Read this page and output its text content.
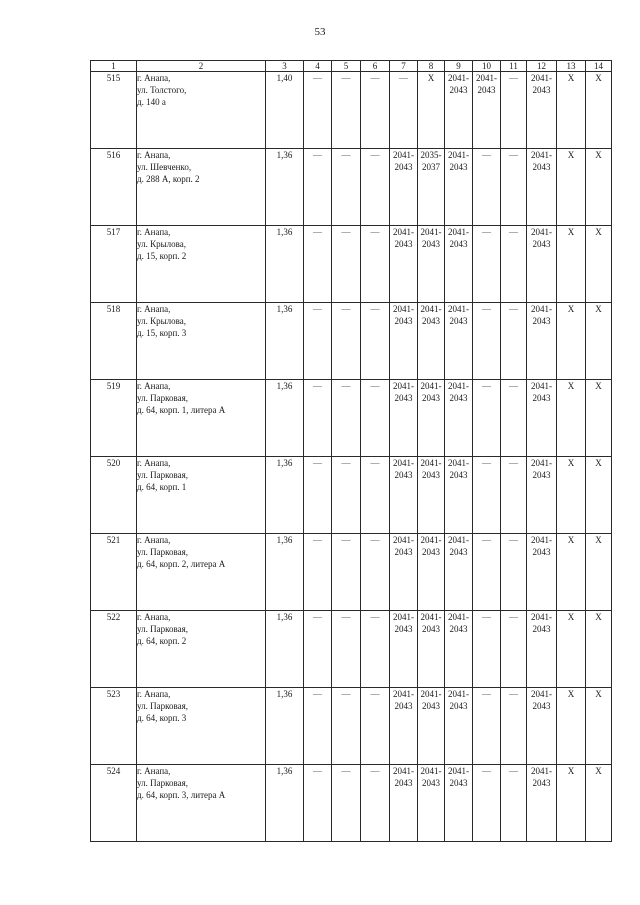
53
1	2	3	4	5	6	7	8	9	10	11	12	13	14
515	г. Анапа,
ул. Толстого,
д. 140 а	1,40	—	—	—	—	X	2041-
2043	2041-
2043	—	2041-
2043	X	X
516	г. Анапа,
ул. Шевченко,
д. 288 А, корп. 2	1,36	—	—	—	2041-
2043	2035-
2037	2041-
2043	—	—	2041-
2043	X	X
517	г. Анапа,
ул. Крылова,
д. 15, корп. 2	1,36	—	—	—	2041-
2043	2041-
2043	2041-
2043	—	—	2041-
2043	X	X
518	г. Анапа,
ул. Крылова,
д. 15, корп. 3	1,36	—	—	—	2041-
2043	2041-
2043	2041-
2043	—	—	2041-
2043	X	X
519	г. Анапа,
ул. Парковая,
д. 64, корп. 1, литера А	1,36	—	—	—	2041-
2043	2041-
2043	2041-
2043	—	—	2041-
2043	X	X
520	г. Анапа,
ул. Парковая,
д. 64, корп. 1	1,36	—	—	—	2041-
2043	2041-
2043	2041-
2043	—	—	2041-
2043	X	X
521	г. Анапа,
ул. Парковая,
д. 64, корп. 2, литера А	1,36	—	—	—	2041-
2043	2041-
2043	2041-
2043	—	—	2041-
2043	X	X
522	г. Анапа,
ул. Парковая,
д. 64, корп. 2	1,36	—	—	—	2041-
2043	2041-
2043	2041-
2043	—	—	2041-
2043	X	X
523	г. Анапа,
ул. Парковая,
д. 64, корп. 3	1,36	—	—	—	2041-
2043	2041-
2043	2041-
2043	—	—	2041-
2043	X	X
524	г. Анапа,
ул. Парковая,
д. 64, корп. 3, литера А	1,36	—	—	—	2041-
2043	2041-
2043	2041-
2043	—	—	2041-
2043	X	X
